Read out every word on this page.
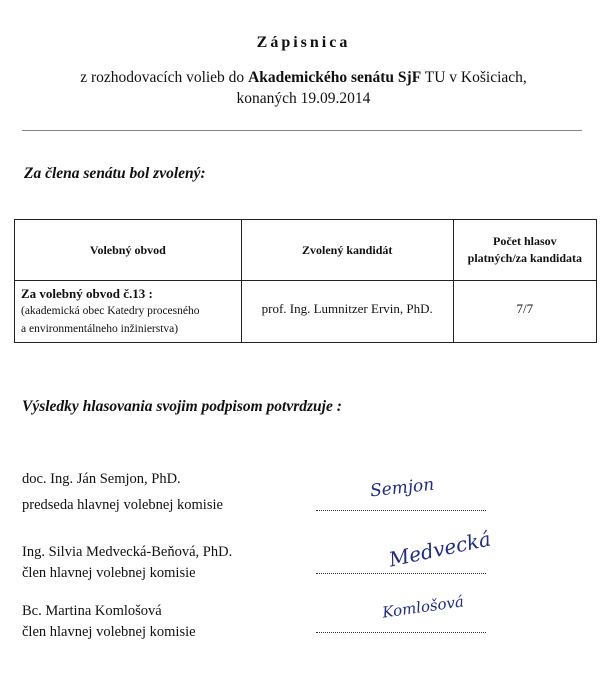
Zápisnica
z rozhodovacích volieb do Akademického senátu SjF TU v Košiciach,
konaných 19.09.2014
Za člena senátu bol zvolený:
Volebný obvod	Zvolený kandidát	Počet hlasov platných/za kandidata

Za volebný obvod č.13 :
(akademická obec Katedry procesného
a environmentálneho inžinierstva)	prof. Ing. Lumnitzer Ervin, PhD.	7/7
Výsledky hlasovania svojim podpisom potvrdzuje :
doc. Ing. Ján Semjon, PhD.
predseda hlavnej volebnej komisie
Semjon
Ing. Silvia Medvecká-Beňová, PhD.
člen hlavnej volebnej komisie
Medvecká
Bc. Martina Komlošová
člen hlavnej volebnej komisie
Komlošová
